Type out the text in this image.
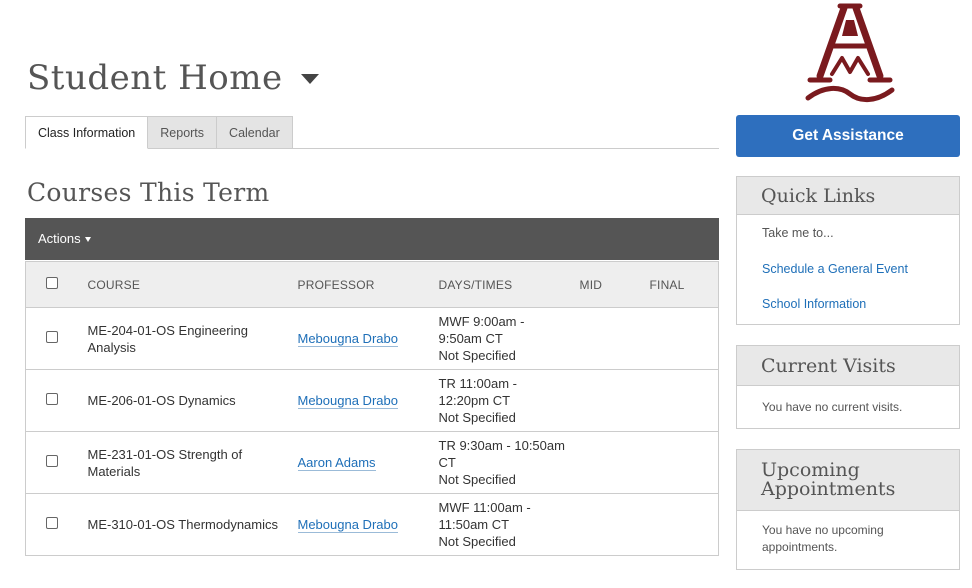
Student Home
Class Information	Reports	Calendar
Courses This Term
Actions
	COURSE	PROFESSOR	DAYS/TIMES	MID	FINAL
	ME-204-01-OS Engineering Analysis	Mebougna Drabo	MWF 9:00am - 9:50am CT
Not Specified		

	ME-206-01-OS Dynamics	Mebougna Drabo	TR 11:00am - 12:20pm CT
Not Specified		

	ME-231-01-OS Strength of Materials	Aaron Adams	TR 9:30am - 10:50am CT
Not Specified		

	ME-310-01-OS Thermodynamics	Mebougna Drabo	MWF 11:00am - 11:50am CT
Not Specified		

Get Assistance
Quick Links
Take me to...
Schedule a General Event
School Information
Current Visits
You have no current visits.
Upcoming Appointments
You have no upcoming appointments.
